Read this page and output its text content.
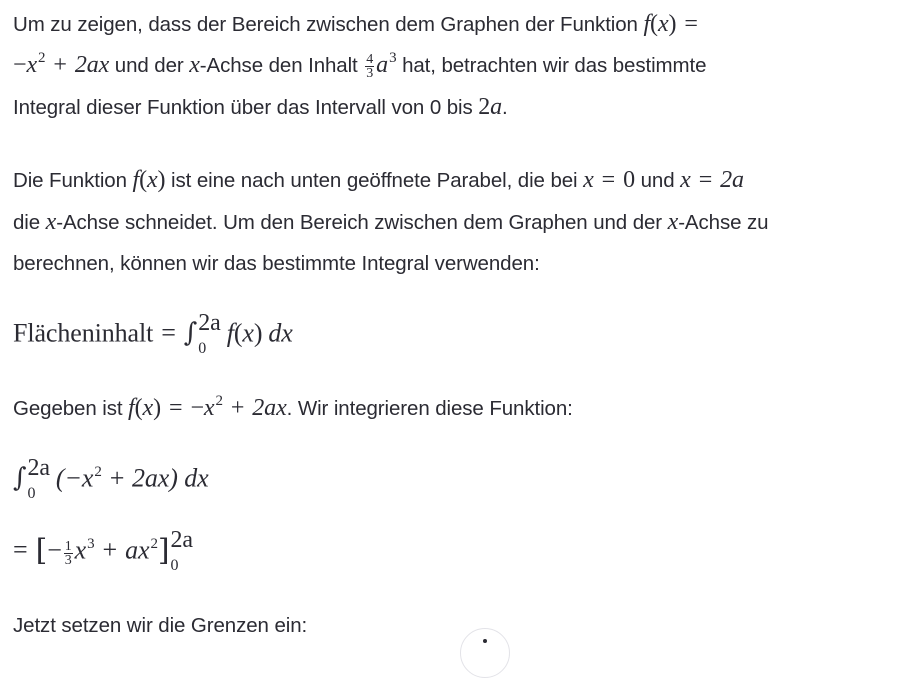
Um zu zeigen, dass der Bereich zwischen dem Graphen der Funktion f(x) =
$-x^2 + 2ax$ und der x-Achse den Inhalt $\frac{4}{3} a^3$ hat, betrachten wir das bestimmte
Integral dieser Funktion über das Intervall von 0 bis 2a.
Die Funktion f(x) ist eine nach unten geöffnete Parabel, die bei x = 0 und x = 2a
die x-Achse schneidet. Um den Bereich zwischen dem Graphen und der x-Achse zu
berechnen, können wir das bestimmte Integral verwenden:
Flächeninhalt = ∫ 2a
0
f(x) dx
Gegeben ist $f(x) = -x^2 + 2ax$. Wir integrieren diese Funktion:
∫ 2a
0
$(-x^2 + 2ax)$ dx
= [− $\frac{1}{3} x^3 + ax^2$] 2a
0
Jetzt setzen wir die Grenzen ein:
